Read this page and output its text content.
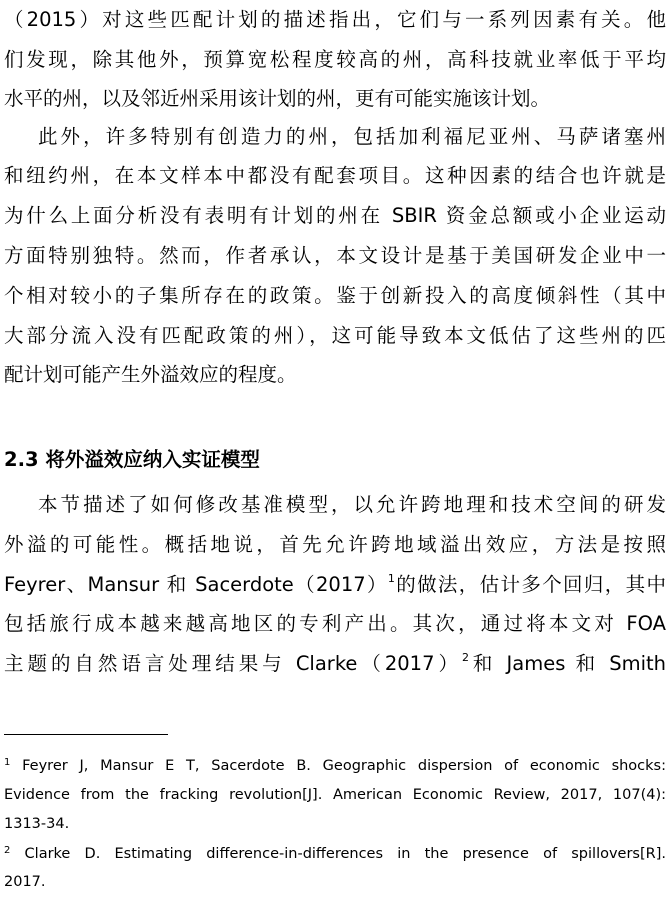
（2015）对这些匹配计划的描述指出，它们与一系列因素有关。他
们发现，除其他外，预算宽松程度较高的州，高科技就业率低于平均
水平的州，以及邻近州采用该计划的州，更有可能实施该计划。
此外，许多特别有创造力的州，包括加利福尼亚州、马萨诸塞州
和纽约州，在本文样本中都没有配套项目。这种因素的结合也许就是
为什么上面分析没有表明有计划的州在 SBIR 资金总额或小企业运动
方面特别独特。然而，作者承认，本文设计是基于美国研发企业中一
个相对较小的子集所存在的政策。鉴于创新投入的高度倾斜性（其中
大部分流入没有匹配政策的州），这可能导致本文低估了这些州的匹
配计划可能产生外溢效应的程度。
2.3 将外溢效应纳入实证模型
本节描述了如何修改基准模型，以允许跨地理和技术空间的研发
外溢的可能性。概括地说，首先允许跨地域溢出效应，方法是按照
Feyrer、Mansur 和 Sacerdote（2017）$^1$的做法，估计多个回归，其中
包括旅行成本越来越高地区的专利产出。其次，通过将本文对 FOA
主题的自然语言处理结果与 Clarke（2017）$^2$和 James 和 Smith
$^1$ Feyrer J, Mansur E T, Sacerdote B. Geographic dispersion of economic shocks:
Evidence from the fracking revolution[J]. American Economic Review, 2017, 107(4):
1313-34.
$^2$ Clarke D. Estimating difference-in-differences in the presence of spillovers[R].
2017.
